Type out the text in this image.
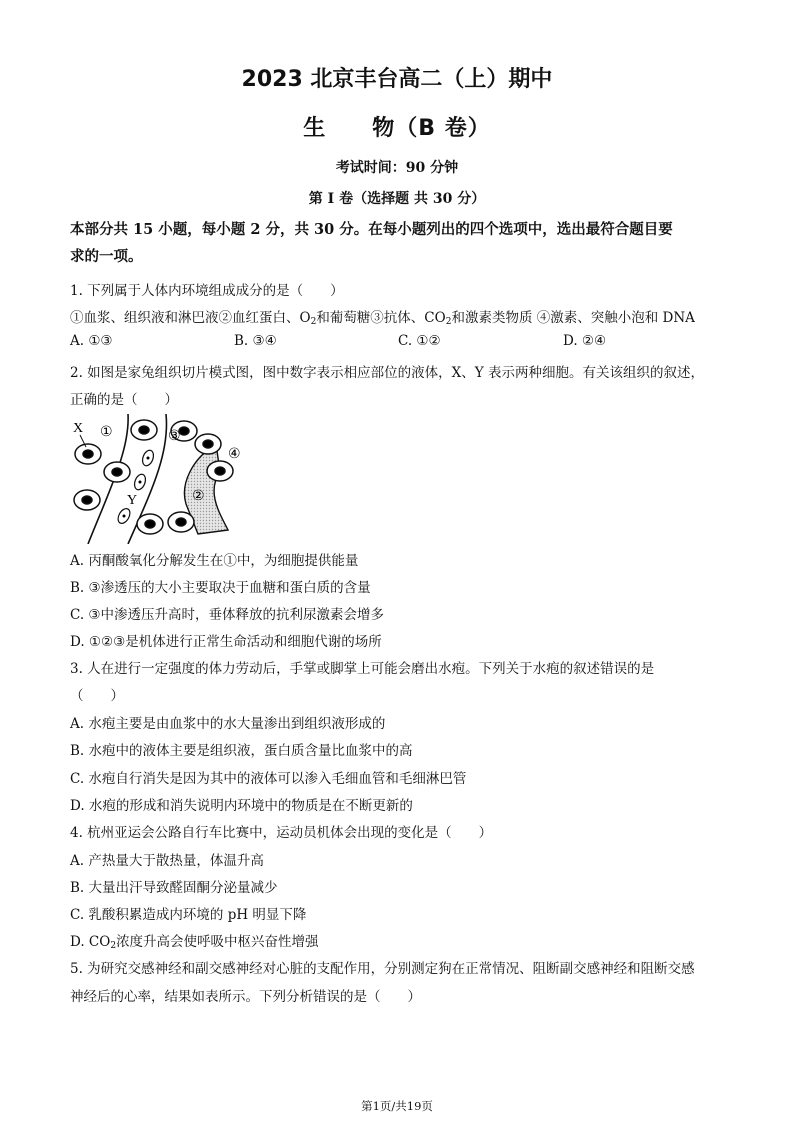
2023 北京丰台高二（上）期中
生　　物（B 卷）
考试时间：90 分钟
第 I 卷（选择题 共 30 分）
本部分共 15 小题，每小题 2 分，共 30 分。在每小题列出的四个选项中，选出最符合题目要
求的一项。
1. 下列属于人体内环境组成成分的是（　　）
①血浆、组织液和淋巴液②血红蛋白、$O_2$和葡萄糖③抗体、$CO_2$和激素类物质 ④激素、突触小泡和 DNA
A. ①③	B. ③④	C. ①②	D. ②④
2. 如图是家兔组织切片模式图，图中数字表示相应部位的液体，X、Y 表示两种细胞。有关该组织的叙述，
正确的是（　　）
X ①	③
④
Y	②
A. 丙酮酸氧化分解发生在①中，为细胞提供能量
B. ③渗透压的大小主要取决于血糖和蛋白质的含量
C. ③中渗透压升高时，垂体释放的抗利尿激素会增多
D. ①②③是机体进行正常生命活动和细胞代谢的场所
3. 人在进行一定强度的体力劳动后，手掌或脚掌上可能会磨出水疱。下列关于水疱的叙述错误的是
（　　）
A. 水疱主要是由血浆中的水大量渗出到组织液形成的
B. 水疱中的液体主要是组织液，蛋白质含量比血浆中的高
C. 水疱自行消失是因为其中的液体可以渗入毛细血管和毛细淋巴管
D. 水疱的形成和消失说明内环境中的物质是在不断更新的
4. 杭州亚运会公路自行车比赛中，运动员机体会出现的变化是（　　）
A. 产热量大于散热量，体温升高
B. 大量出汗导致醛固酮分泌量减少
C. 乳酸积累造成内环境的 pH 明显下降
D. $CO_2$浓度升高会使呼吸中枢兴奋性增强
5. 为研究交感神经和副交感神经对心脏的支配作用，分别测定狗在正常情况、阻断副交感神经和阻断交感
神经后的心率，结果如表所示。下列分析错误的是（　　）
第1页/共19页
